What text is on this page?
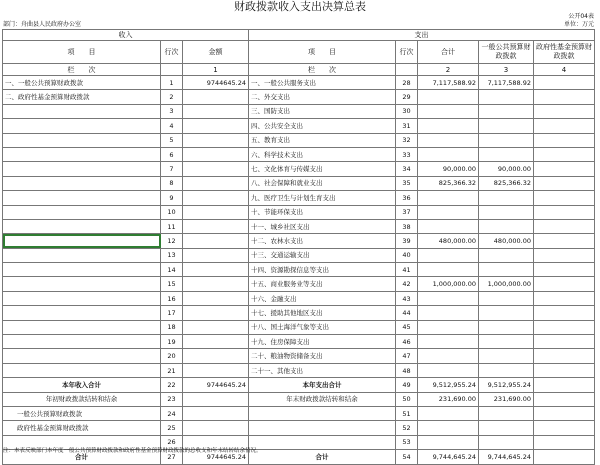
财政拨款收入支出决算总表
公开04表
部门：舟曲县人民政府办公室	单位：万元
收入			支出				
项　　目	行次	金额	项　　目	行次	合计	一般公共预算财政拨款	政府性基金预算财政拨款
栏　　次		1	栏　　次		2	3	4
一、一般公共预算财政拨款	1	9744645.24	一、一般公共服务支出	28	7,117,588.92	7,117,588.92	
二、政府性基金预算财政拨款	2		二、外交支出	29			
	3		三、国防支出	30			
	4		四、公共安全支出	31			
	5		五、教育支出	32			
	6		六、科学技术支出	33			
	7		七、文化体育与传媒支出	34	90,000.00	90,000.00	
	8		八、社会保障和就业支出	35	825,366.32	825,366.32	
	9		九、医疗卫生与计划生育支出	36			
	10		十、节能环保支出	37			
	11		十一、城乡社区支出	38			
	12		十二、农林水支出	39	480,000.00	480,000.00	
	13		十三、交通运输支出	40			
	14		十四、资源勘探信息等支出	41			
	15		十五、商业服务业等支出	42	1,000,000.00	1,000,000.00	
	16		十六、金融支出	43			
	17		十七、援助其他地区支出	44			
	18		十八、国土海洋气象等支出	45			
	19		十九、住房保障支出	46			
	20		二十、粮油物资储备支出	47			
	21		二十一、其他支出	48			
本年收入合计	22	9744645.24	本年支出合计	49	9,512,955.24	9,512,955.24	
年初财政拨款结转和结余	23		年末财政拨款结转和结余	50	231,690.00	231,690.00	
一般公共预算财政拨款	24			51			
政府性基金预算财政拨款	25			52			
	26			53			
合计	27	9744645.24	合计	54	9,744,645.24	9,744,645.24	
注：本表反映部门本年度一般公共预算财政拨款和政府性基金预算财政拨款的总收支和年末结转结余情况。
